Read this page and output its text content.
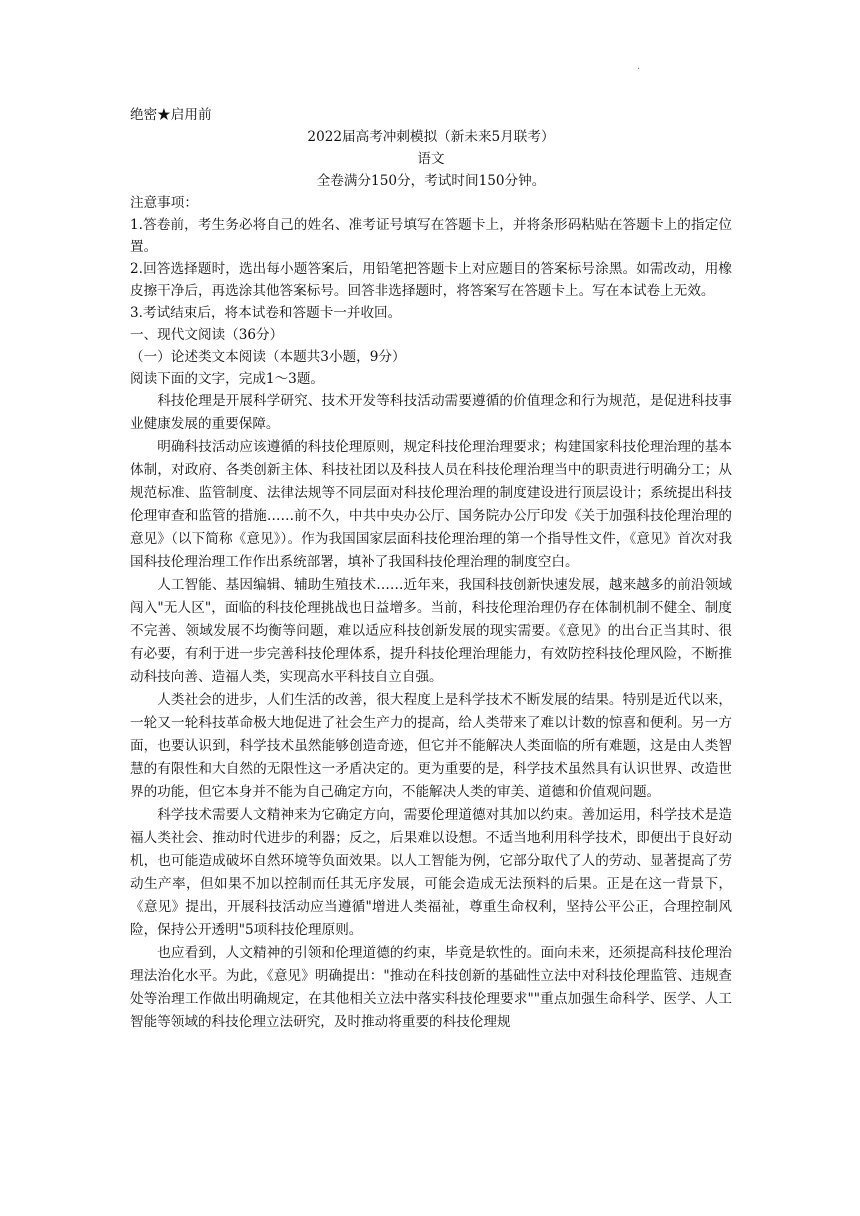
·
绝密★启用前
2022届高考冲刺模拟（新未来5月联考）
语文
全卷满分150分，考试时间150分钟。
注意事项：

1.答卷前，考生务必将自己的姓名、准考证号填写在答题卡上，并将条形码粘贴在答题卡上的指定位置。

2.回答选择题时，选出每小题答案后，用铅笔把答题卡上对应题目的答案标号涂黑。如需改动，用橡皮擦干净后，再选涂其他答案标号。回答非选择题时，将答案写在答题卡上。写在本试卷上无效。

3.考试结束后，将本试卷和答题卡一并收回。

一、现代文阅读（36分）
（一）论述类文本阅读（本题共3小题，9分）
阅读下面的文字，完成1～3题。

科技伦理是开展科学研究、技术开发等科技活动需要遵循的价值理念和行为规范，是促进科技事业健康发展的重要保障。

明确科技活动应该遵循的科技伦理原则，规定科技伦理治理要求；构建国家科技伦理治理的基本体制，对政府、各类创新主体、科技社团以及科技人员在科技伦理治理当中的职责进行明确分工；从规范标准、监管制度、法律法规等不同层面对科技伦理治理的制度建设进行顶层设计；系统提出科技伦理审查和监管的措施……前不久，中共中央办公厅、国务院办公厅印发《关于加强科技伦理治理的意见》（以下简称《意见》）。作为我国国家层面科技伦理治理的第一个指导性文件，《意见》首次对我国科技伦理治理工作作出系统部署，填补了我国科技伦理治理的制度空白。

人工智能、基因编辑、辅助生殖技术……近年来，我国科技创新快速发展，越来越多的前沿领域闯入"无人区"，面临的科技伦理挑战也日益增多。当前，科技伦理治理仍存在体制机制不健全、制度不完善、领域发展不均衡等问题，难以适应科技创新发展的现实需要。《意见》的出台正当其时、很有必要，有利于进一步完善科技伦理体系，提升科技伦理治理能力，有效防控科技伦理风险，不断推动科技向善、造福人类，实现高水平科技自立自强。

人类社会的进步，人们生活的改善，很大程度上是科学技术不断发展的结果。特别是近代以来，一轮又一轮科技革命极大地促进了社会生产力的提高，给人类带来了难以计数的惊喜和便利。另一方面，也要认识到，科学技术虽然能够创造奇迹，但它并不能解决人类面临的所有难题，这是由人类智慧的有限性和大自然的无限性这一矛盾决定的。更为重要的是，科学技术虽然具有认识世界、改造世界的功能，但它本身并不能为自己确定方向，不能解决人类的审美、道德和价值观问题。

科学技术需要人文精神来为它确定方向，需要伦理道德对其加以约束。善加运用，科学技术是造福人类社会、推动时代进步的利器；反之，后果难以设想。不适当地利用科学技术，即便出于良好动机，也可能造成破坏自然环境等负面效果。以人工智能为例，它部分取代了人的劳动、显著提高了劳动生产率，但如果不加以控制而任其无序发展，可能会造成无法预料的后果。正是在这一背景下，《意见》提出，开展科技活动应当遵循"增进人类福祉，尊重生命权利，坚持公平公正，合理控制风险，保持公开透明"5项科技伦理原则。

也应看到，人文精神的引领和伦理道德的约束，毕竟是软性的。面向未来，还须提高科技伦理治理法治化水平。为此，《意见》明确提出："推动在科技创新的基础性立法中对科技伦理监管、违规查处等治理工作做出明确规定，在其他相关立法中落实科技伦理要求""重点加强生命科学、医学、人工智能等领域的科技伦理立法研究，及时推动将重要的科技伦理规
